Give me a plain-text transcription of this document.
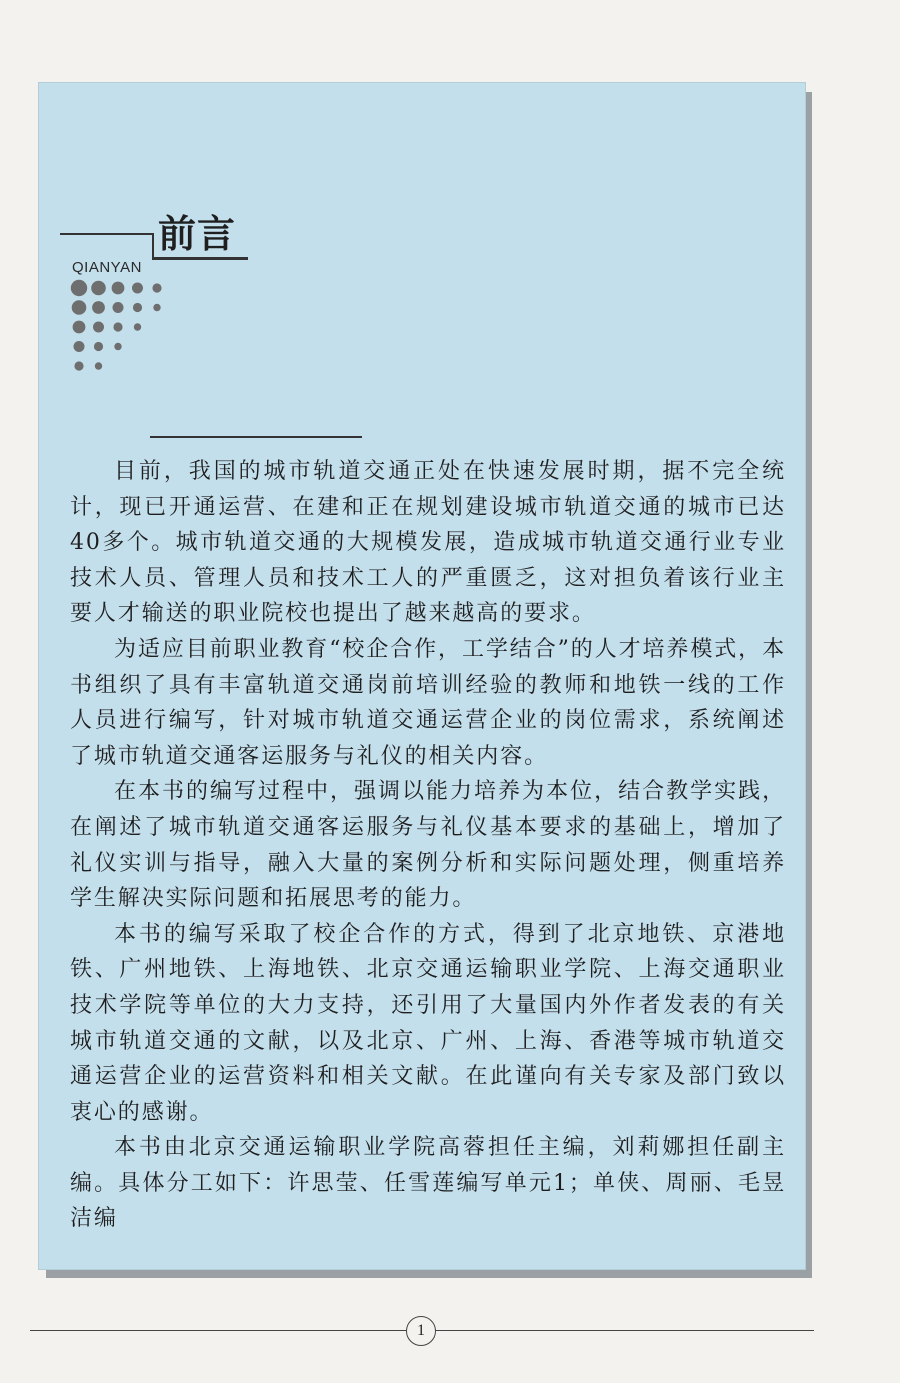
前言
QIANYAN

目前，我国的城市轨道交通正处在快速发展时期，据不完全统计，现已开通运营、在建和正在规划建设城市轨道交通的城市已达40多个。城市轨道交通的大规模发展，造成城市轨道交通行业专业技术人员、管理人员和技术工人的严重匮乏，这对担负着该行业主要人才输送的职业院校也提出了越来越高的要求。

为适应目前职业教育“校企合作，工学结合”的人才培养模式，本书组织了具有丰富轨道交通岗前培训经验的教师和地铁一线的工作人员进行编写，针对城市轨道交通运营企业的岗位需求，系统阐述了城市轨道交通客运服务与礼仪的相关内容。

在本书的编写过程中，强调以能力培养为本位，结合教学实践，在阐述了城市轨道交通客运服务与礼仪基本要求的基础上，增加了礼仪实训与指导，融入大量的案例分析和实际问题处理，侧重培养学生解决实际问题和拓展思考的能力。

本书的编写采取了校企合作的方式，得到了北京地铁、京港地铁、广州地铁、上海地铁、北京交通运输职业学院、上海交通职业技术学院等单位的大力支持，还引用了大量国内外作者发表的有关城市轨道交通的文献，以及北京、广州、上海、香港等城市轨道交通运营企业的运营资料和相关文献。在此谨向有关专家及部门致以衷心的感谢。

本书由北京交通运输职业学院高蓉担任主编，刘莉娜担任副主编。具体分工如下：许思莹、任雪莲编写单元1；单侠、周丽、毛昱洁编

1
